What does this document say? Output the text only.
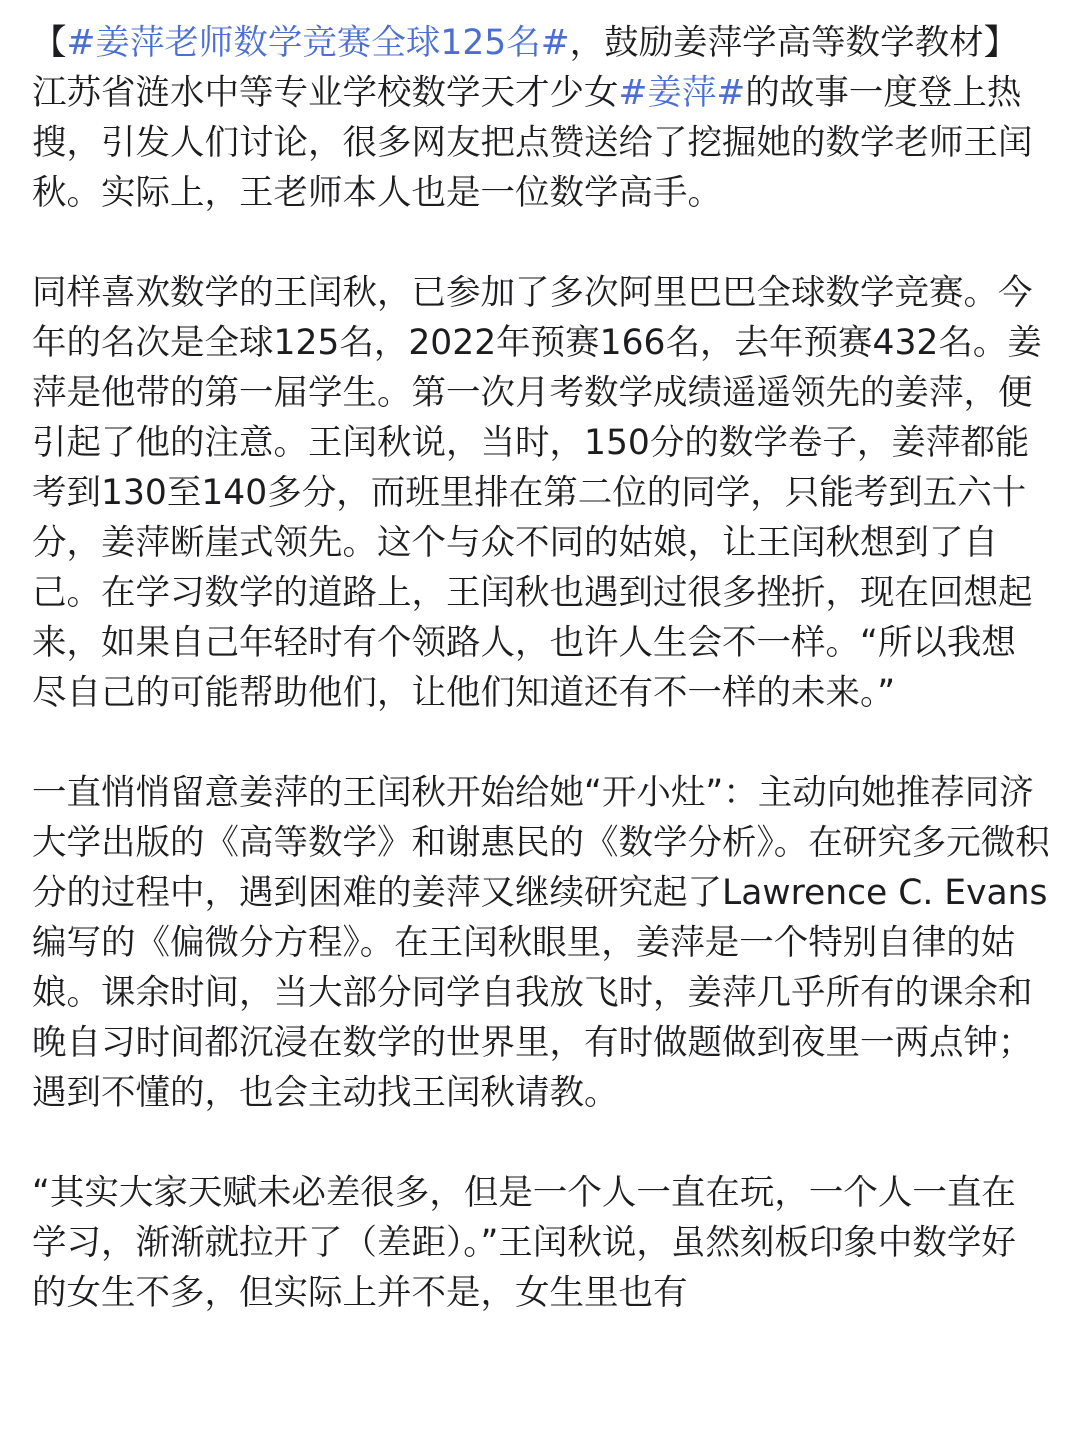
【#姜萍老师数学竞赛全球125名#，鼓励姜萍学高等数学教材】江苏省涟水中等专业学校数学天才少女#姜萍#的故事一度登上热搜，引发人们讨论，很多网友把点赞送给了挖掘她的数学老师王闰秋。实际上，王老师本人也是一位数学高手。

同样喜欢数学的王闰秋，已参加了多次阿里巴巴全球数学竞赛。今年的名次是全球125名，2022年预赛166名，去年预赛432名。姜萍是他带的第一届学生。第一次月考数学成绩遥遥领先的姜萍，便引起了他的注意。王闰秋说，当时，150分的数学卷子，姜萍都能考到130至140多分，而班里排在第二位的同学，只能考到五六十分，姜萍断崖式领先。这个与众不同的姑娘，让王闰秋想到了自己。在学习数学的道路上，王闰秋也遇到过很多挫折，现在回想起来，如果自己年轻时有个领路人，也许人生会不一样。“所以我想尽自己的可能帮助他们，让他们知道还有不一样的未来。”

一直悄悄留意姜萍的王闰秋开始给她“开小灶”：主动向她推荐同济大学出版的《高等数学》和谢惠民的《数学分析》。在研究多元微积分的过程中，遇到困难的姜萍又继续研究起了Lawrence C. Evans编写的《偏微分方程》。在王闰秋眼里，姜萍是一个特别自律的姑娘。课余时间，当大部分同学自我放飞时，姜萍几乎所有的课余和晚自习时间都沉浸在数学的世界里，有时做题做到夜里一两点钟；遇到不懂的，也会主动找王闰秋请教。

“其实大家天赋未必差很多，但是一个人一直在玩，一个人一直在学习，渐渐就拉开了（差距）。”王闰秋说，虽然刻板印象中数学好的女生不多，但实际上并不是，女生里也有
